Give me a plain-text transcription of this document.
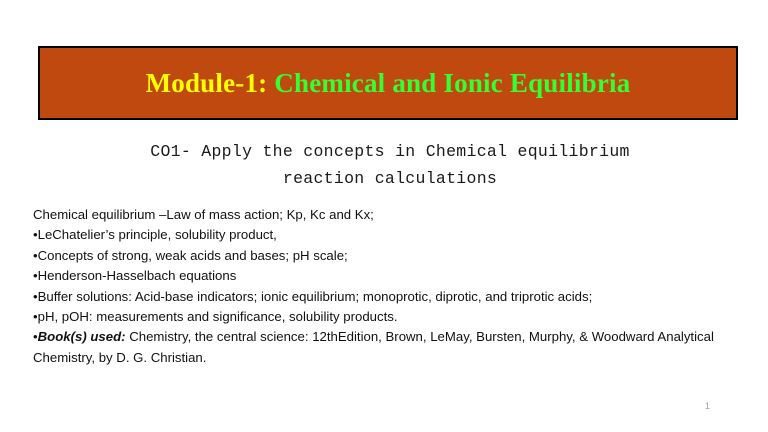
Module-1: Chemical and Ionic Equilibria
CO1- Apply the concepts in Chemical equilibrium
reaction calculations
Chemical equilibrium –Law of mass action; Kp, Kc and Kx;
•LeChatelier’s principle, solubility product,
•Concepts of strong, weak acids and bases; pH scale;
•Henderson-Hasselbach equations
•Buffer solutions: Acid-base indicators; ionic equilibrium; monoprotic, diprotic, and triprotic acids;
•pH, pOH: measurements and significance, solubility products.
•Book(s) used: Chemistry, the central science: 12thEdition, Brown, LeMay, Bursten, Murphy, & Woodward Analytical Chemistry, by D. G. Christian.
1
